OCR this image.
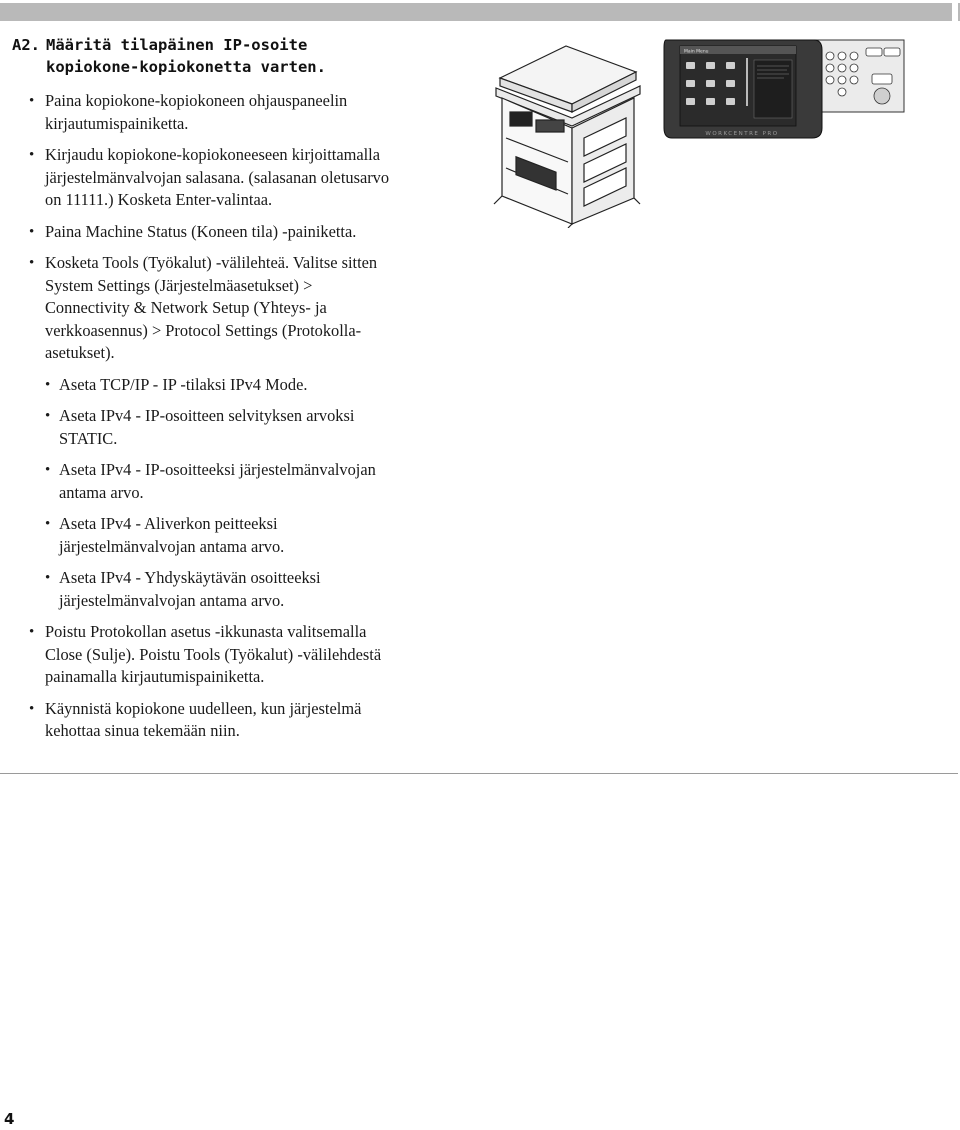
A2. Määritä tilapäinen IP-osoite kopiokone-kopiokonetta varten.
• Paina kopiokone-kopiokoneen ohjauspaneelin kirjautumispainiketta.
• Kirjaudu kopiokone-kopiokoneeseen kirjoittamalla järjestelmänvalvojan salasana. (salasanan oletusarvo on 11111.) Kosketa Enter-valintaa.
• Paina Machine Status (Koneen tila) -painiketta.
• Kosketa Tools (Työkalut) -välilehteä. Valitse sitten System Settings (Järjestelmäasetukset) > Connectivity & Network Setup (Yhteys- ja verkkoasennus) > Protocol Settings (Protokolla-asetukset).
• Aseta TCP/IP - IP -tilaksi IPv4 Mode.
• Aseta IPv4 - IP-osoitteen selvityksen arvoksi STATIC.
• Aseta IPv4 - IP-osoitteeksi järjestelmänvalvojan antama arvo.
• Aseta IPv4 - Aliverkon peitteeksi järjestelmänvalvojan antama arvo.
• Aseta IPv4 - Yhdyskäytävän osoitteeksi järjestelmänvalvojan antama arvo.
• Poistu Protokollan asetus -ikkunasta valitsemalla Close (Sulje). Poistu Tools (Työkalut) -välilehdestä painamalla kirjautumispainiketta.
• Käynnistä kopiokone uudelleen, kun järjestelmä kehottaa sinua tekemään niin.
Main Menu
WORKCENTRE PRO
4
